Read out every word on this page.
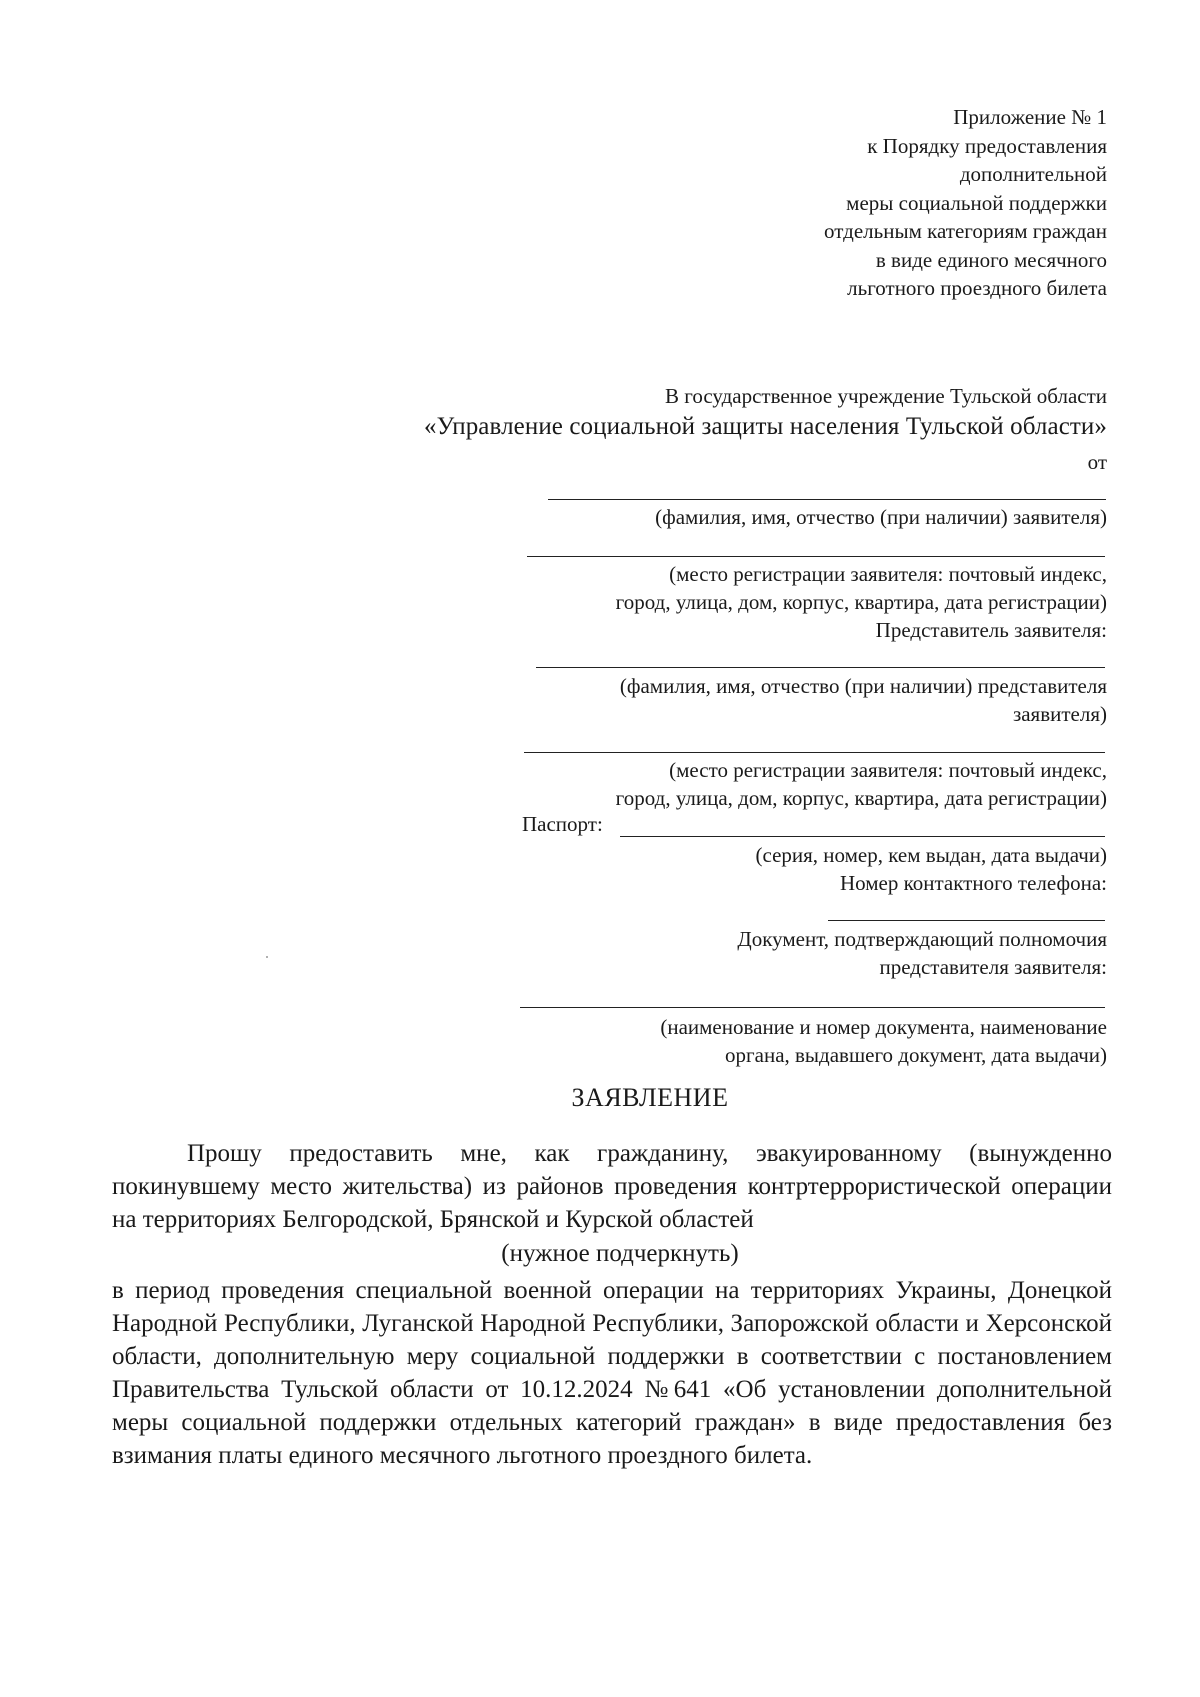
Приложение № 1
к Порядку предоставления
дополнительной
меры социальной поддержки
отдельным категориям граждан
в виде единого месячного
льготного проездного билета
В государственное учреждение Тульской области
«Управление социальной защиты населения Тульской области»
от
(фамилия, имя, отчество (при наличии) заявителя)
(место регистрации заявителя: почтовый индекс,
город, улица, дом, корпус, квартира, дата регистрации)
Представитель заявителя:
(фамилия, имя, отчество (при наличии) представителя
заявителя)
(место регистрации заявителя: почтовый индекс,
город, улица, дом, корпус, квартира, дата регистрации)
Паспорт:
(серия, номер, кем выдан, дата выдачи)
Номер контактного телефона:
Документ, подтверждающий полномочия
представителя заявителя:
(наименование и номер документа, наименование
органа, выдавшего документ, дата выдачи)
ЗАЯВЛЕНИЕ
Прошу предоставить мне, как гражданину, эвакуированному (вынужденно покинувшему место жительства) из районов проведения контртеррористической операции на территориях Белгородской, Брянской и Курской областей
(нужное подчеркнуть)
в период проведения специальной военной операции на территориях Украины, Донецкой Народной Республики, Луганской Народной Республики, Запорожской области и Херсонской области, дополнительную меру социальной поддержки в соответствии с постановлением Правительства Тульской области от 10.12.2024 №641 «Об установлении дополнительной меры социальной поддержки отдельных категорий граждан» в виде предоставления без взимания платы единого месячного льготного проездного билета.
